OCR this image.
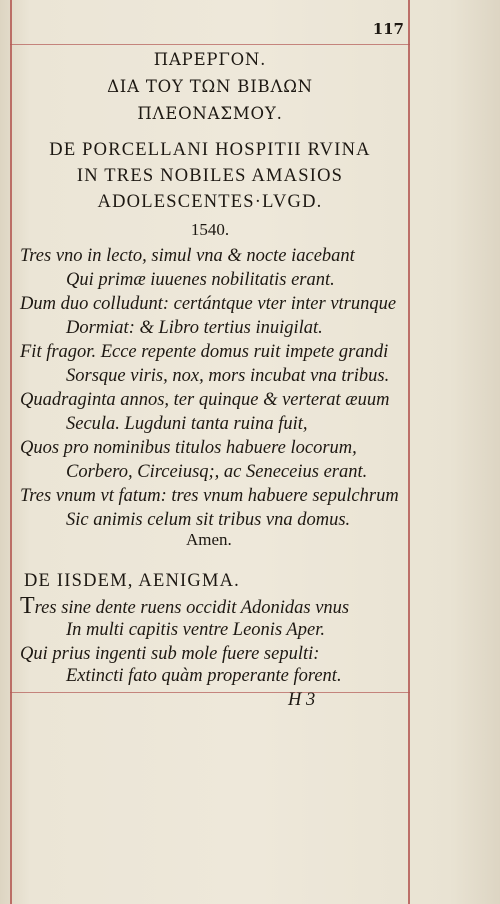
117
ΠΑΡΕΡΓΟΝ.
ΔΙΑ ΤΟΥ ΤΩΝ ΒΙΒΛΩΝ
ΠΛΕΟΝΑΣΜΟΥ.
DE PORCELLANI HOSPITII RVINA
IN TRES NOBILES AMASIOS
ADOLESCENTES·LVGD.
1540.
Tres vno in lecto, simul vna & nocte iacebant
Qui primæ iuuenes nobilitatis erant.
Dum duo colludunt: certántque vter inter vtrunque
Dormiat: & Libro tertius inuigilat.
Fit fragor. Ecce repente domus ruit impete grandi
Sorsque viris, nox, mors incubat vna tribus.
Quadraginta annos, ter quinque & verterat æuum
Secula. Lugduni tanta ruina fuit,
Quos pro nominibus titulos habuere locorum,
Corbero, Circeiusq;, ac Seneceius erant.
Tres vnum vt fatum: tres vnum habuere sepulchrum
Sic animis celum sit tribus vna domus.
Amen.
DE IISDEM, AENIGMA.
Tres sine dente ruens occidit Adonidas vnus
In multi capitis ventre Leonis Aper.
Qui prius ingenti sub mole fuere sepulti:
Extincti fato quàm properante forent.
H 3
